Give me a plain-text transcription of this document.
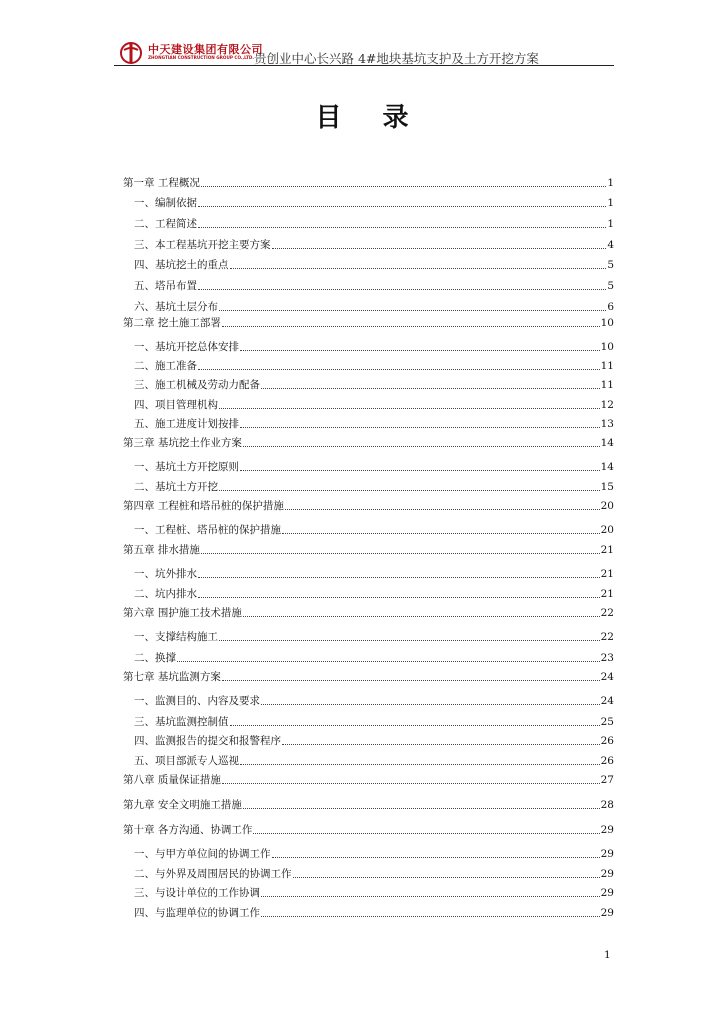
中天建设集团有限公司
ZHONGTIAN CONSTRUCTION GROUP CO.,LTD. 贵创业中心长兴路 4#地块基坑支护及土方开挖方案
目 录
第一章 工程概况	1
一、编制依据	1
二、工程简述	1
三、本工程基坑开挖主要方案	4
四、基坑挖土的重点	5
五、塔吊布置	5
六、基坑土层分布	6
第二章 挖土施工部署	10
一、基坑开挖总体安排	10
二、施工准备	11
三、施工机械及劳动力配备	11
四、项目管理机构	12
五、施工进度计划按排	13
第三章 基坑挖土作业方案	14
一、基坑土方开挖原则	14
二、基坑土方开挖	15
第四章 工程桩和塔吊桩的保护措施	20
一、工程桩、塔吊桩的保护措施	20
第五章 排水措施	21
一、坑外排水	21
二、坑内排水	21
第六章 围护施工技术措施	22
一、支撑结构施工	22
二、换撑	23
第七章 基坑监测方案	24
一、监测目的、内容及要求	24
三、基坑监测控制值	25
四、监测报告的提交和报警程序	26
五、项目部派专人巡视	26
第八章 质量保证措施	27
第九章 安全文明施工措施	28
第十章 各方沟通、协调工作	29
一、与甲方单位间的协调工作	29
二、与外界及周围居民的协调工作	29
三、与设计单位的工作协调	29
四、与监理单位的协调工作	29
1
